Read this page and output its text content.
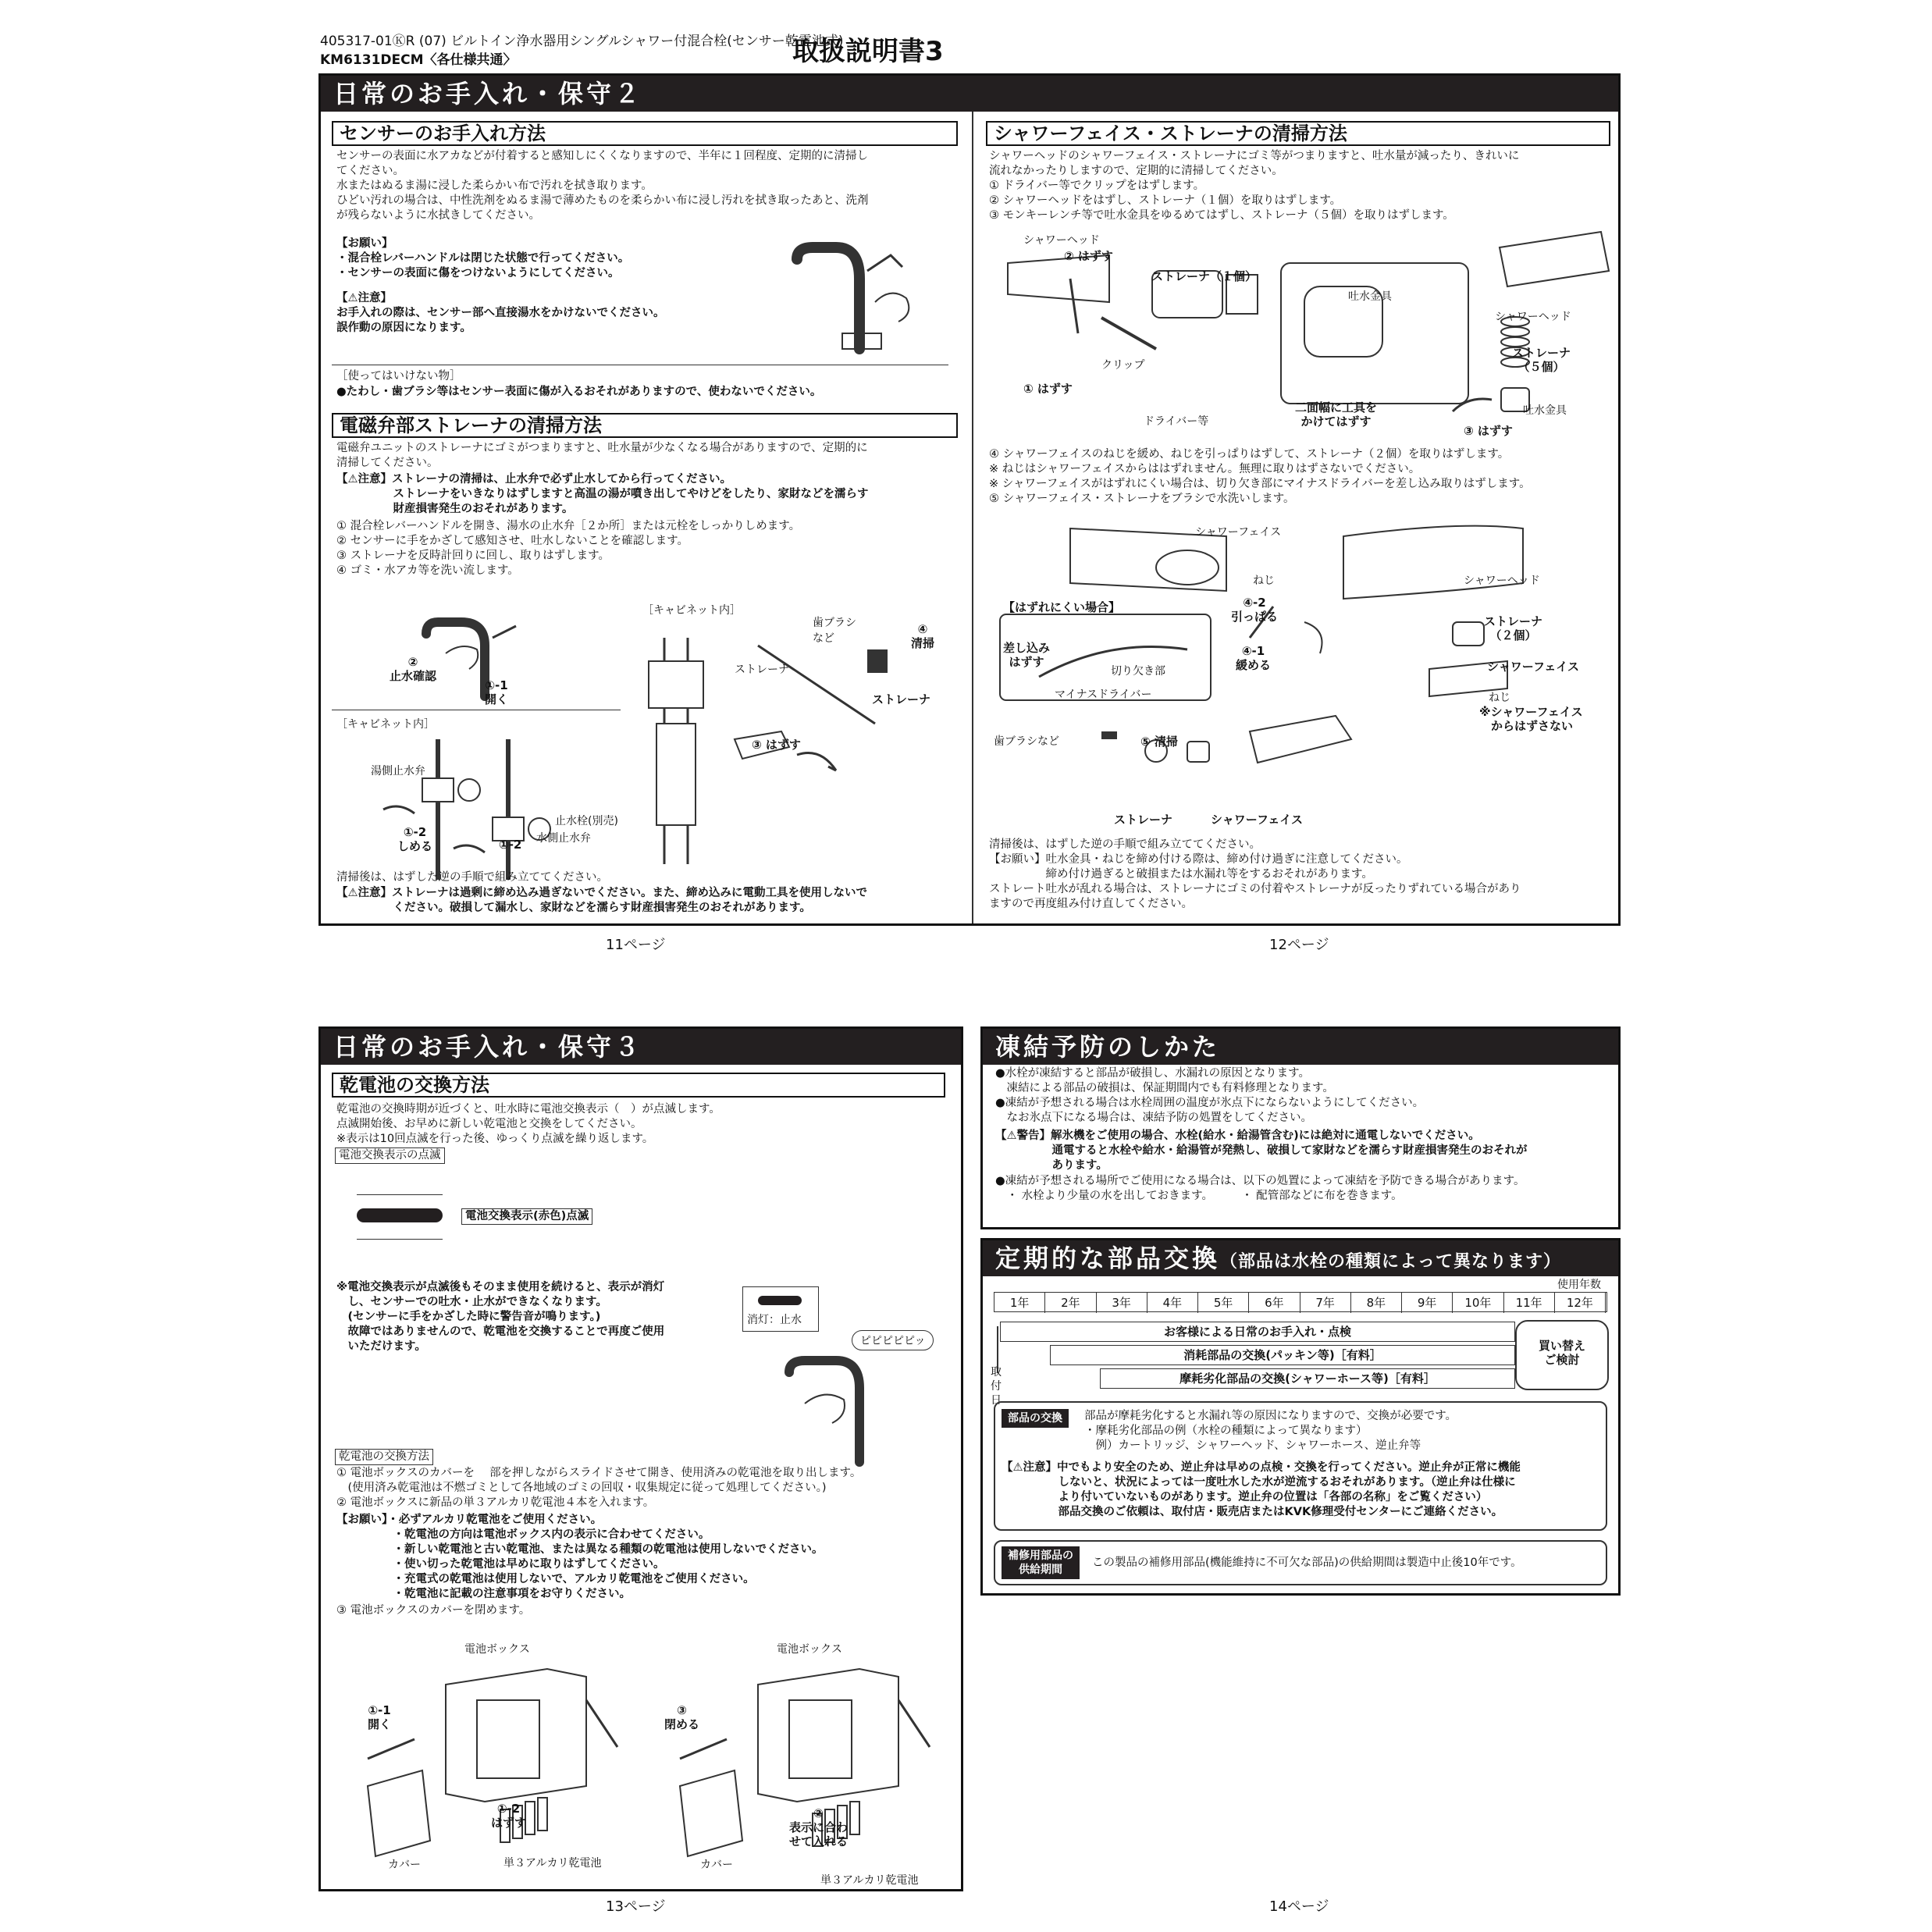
405317-01ⓀR (07) ビルトイン浄水器用シングルシャワー付混合栓(センサー乾電池式)
KM6131DECM〈各仕様共通〉	取扱説明書3
日常のお手入れ・保守２
センサーのお手入れ方法
センサーの表面に水アカなどが付着すると感知しにくくなりますので、半年に１回程度、定期的に清掃し
てください。
水またはぬるま湯に浸した柔らかい布で汚れを拭き取ります。
ひどい汚れの場合は、中性洗剤をぬるま湯で薄めたものを柔らかい布に浸し汚れを拭き取ったあと、洗剤
が残らないように水拭きしてください。
【お願い】
・混合栓レバーハンドルは閉じた状態で行ってください。
・センサーの表面に傷をつけないようにしてください。
【⚠注意】
お手入れの際は、センサー部へ直接湯水をかけないでください。
誤作動の原因になります。
［使ってはいけない物］
●たわし・歯ブラシ等はセンサー表面に傷が入るおそれがありますので、使わないでください。
電磁弁部ストレーナの清掃方法
電磁弁ユニットのストレーナにゴミがつまりますと、吐水量が少なくなる場合がありますので、定期的に
清掃してください。
【⚠注意】ストレーナの清掃は、止水弁で必ず止水してから行ってください。
　　　　　ストレーナをいきなりはずしますと高温の湯が噴き出してやけどをしたり、家財などを濡らす
　　　　　財産損害発生のおそれがあります。
① 混合栓レバーハンドルを開き、湯水の止水弁［２か所］または元栓をしっかりしめます。
② センサーに手をかざして感知させ、吐水しないことを確認します。
③ ストレーナを反時計回りに回し、取りはずします。
④ ゴミ・水アカ等を洗い流します。
②
止水確認
①-1
開く
［キャビネット内］
湯側止水弁
止水栓(別売)
水側止水弁
①-2
しめる	①-2
［キャビネット内］
歯ブラシ
など
④
清掃
ストレーナ
ストレーナ
③ はずす
清掃後は、はずした逆の手順で組み立ててください。
【⚠注意】ストレーナは過剰に締め込み過ぎないでください。また、締め込みに電動工具を使用しないで
　　　　　ください。破損して漏水し、家財などを濡らす財産損害発生のおそれがあります。
シャワーフェイス・ストレーナの清掃方法
シャワーヘッドのシャワーフェイス・ストレーナにゴミ等がつまりますと、吐水量が減ったり、きれいに
流れなかったりしますので、定期的に清掃してください。
① ドライバー等でクリップをはずします。
② シャワーヘッドをはずし、ストレーナ（１個）を取りはずします。
③ モンキーレンチ等で吐水金具をゆるめてはずし、ストレーナ（５個）を取りはずします。
シャワーヘッド
② はずす
ストレーナ（１個）
クリップ
① はずす
ドライバー等
吐水金具
二面幅に工具を
かけてはずす
シャワーヘッド
ストレーナ
（５個）
吐水金具
③ はずす
④ シャワーフェイスのねじを緩め、ねじを引っぱりはずして、ストレーナ（２個）を取りはずします。
※ ねじはシャワーフェイスからははずれません。無理に取りはずさないでください。
※ シャワーフェイスがはずれにくい場合は、切り欠き部にマイナスドライバーを差し込み取りはずします。
⑤ シャワーフェイス・ストレーナをブラシで水洗いします。
シャワーフェイス
ねじ
【はずれにくい場合】
差し込み
はずす
切り欠き部
マイナスドライバー
④-2
引っぱる
④-1
緩める
シャワーヘッド
ストレーナ
（２個）
シャワーフェイス
ねじ
※シャワーフェイス
　からはずさない
歯ブラシなど	⑤ 清掃
ストレーナ	シャワーフェイス
清掃後は、はずした逆の手順で組み立ててください。
【お願い】吐水金具・ねじを締め付ける際は、締め付け過ぎに注意してください。
　　　　　締め付け過ぎると破損または水漏れ等をするおそれがあります。
ストレート吐水が乱れる場合は、ストレーナにゴミの付着やストレーナが反ったりずれている場合があり
ますので再度組み付け直してください。
11ページ	12ページ
日常のお手入れ・保守３
乾電池の交換方法
乾電池の交換時期が近づくと、吐水時に電池交換表示（　）が点滅します。
点滅開始後、お早めに新しい乾電池と交換をしてください。
※表示は10回点滅を行った後、ゆっくり点滅を繰り返します。
電池交換表示の点滅
電池交換表示(赤色)点滅
※電池交換表示が点滅後もそのまま使用を続けると、表示が消灯
　し、センサーでの吐水・止水ができなくなります。
　(センサーに手をかざした時に警告音が鳴ります。)
　故障ではありませんので、乾電池を交換することで再度ご使用
　いただけます。
消灯：止水
ピピピピピッ
乾電池の交換方法
① 電池ボックスのカバーを　 部を押しながらスライドさせて開き、使用済みの乾電池を取り出します。
　(使用済み乾電池は不燃ゴミとして各地域のゴミの回収・収集規定に従って処理してください。)
② 電池ボックスに新品の単３アルカリ乾電池４本を入れます。
【お願い】・必ずアルカリ乾電池をご使用ください。
　　　　　・乾電池の方向は電池ボックス内の表示に合わせてください。
　　　　　・新しい乾電池と古い乾電池、または異なる種類の乾電池は使用しないでください。
　　　　　・使い切った乾電池は早めに取りはずしてください。
　　　　　・充電式の乾電池は使用しないで、アルカリ乾電池をご使用ください。
　　　　　・乾電池に記載の注意事項をお守りください。
③ 電池ボックスのカバーを閉めます。
電池ボックス
①-1
開く
①-2
はずす
カバー	単３アルカリ乾電池
電池ボックス
③
閉める
②
表示に合わ
せて入れる
カバー
単３アルカリ乾電池
13ページ
凍結予防のしかた
●水栓が凍結すると部品が破損し、水漏れの原因となります。
　凍結による部品の破損は、保証期間内でも有料修理となります。
●凍結が予想される場合は水栓周囲の温度が氷点下にならないようにしてください。
　なお氷点下になる場合は、凍結予防の処置をしてください。
【⚠警告】解氷機をご使用の場合、水栓(給水・給湯管含む)には絶対に通電しないでください。
　　　　　通電すると水栓や給水・給湯管が発熱し、破損して家財などを濡らす財産損害発生のおそれが
　　　　　あります。
●凍結が予想される場所でご使用になる場合は、以下の処置によって凍結を予防できる場合があります。
　・ 水栓より少量の水を出しておきます。　　　・ 配管部などに布を巻きます。
定期的な部品交換（部品は水栓の種類によって異なります）
使用年数
1年	2年	3年	4年	5年	6年	7年	8年	9年	10年	11年	12年
取
付
日
お客様による日常のお手入れ・点検
消耗部品の交換(パッキン等)［有料］
摩耗劣化部品の交換(シャワーホース等)［有料］
買い替え
ご検討
部品の交換	部品が摩耗劣化すると水漏れ等の原因になりますので、交換が必要です。
・摩耗劣化部品の例（水栓の種類によって異なります）
　例）カートリッジ、シャワーヘッド、シャワーホース、逆止弁等
【⚠注意】中でもより安全のため、逆止弁は早めの点検・交換を行ってください。逆止弁が正常に機能
　　　　　しないと、状況によっては一度吐水した水が逆流するおそれがあります。（逆止弁は仕様に
　　　　　より付いていないものがあります。逆止弁の位置は「各部の名称」をご覧ください）
　　　　　部品交換のご依頼は、取付店・販売店またはKVK修理受付センターにご連絡ください。
補修用部品の
供給期間
この製品の補修用部品(機能維持に不可欠な部品)の供給期間は製造中止後10年です。
14ページ
